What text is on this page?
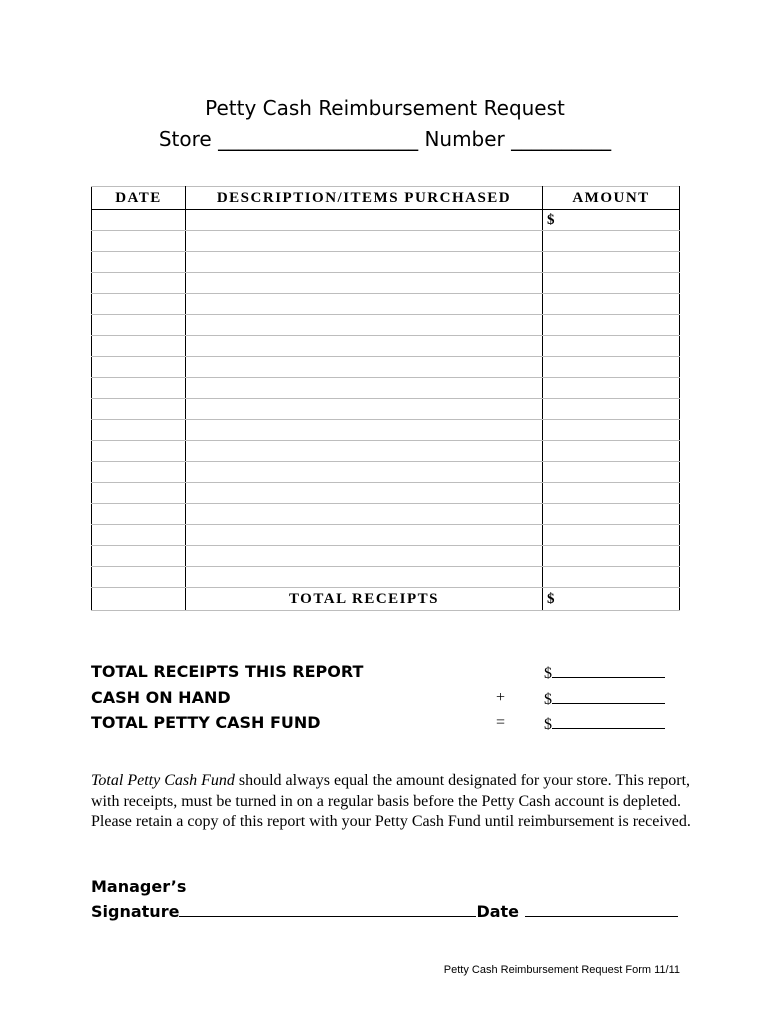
Petty Cash Reimbursement Request
Store ____________________ Number __________
DATE	DESCRIPTION/ITEMS PURCHASED	AMOUNT
		$

	TOTAL RECEIPTS	$
TOTAL RECEIPTS THIS REPORT	$
CASH ON HAND	+ $
TOTAL PETTY CASH FUND	= $
Total Petty Cash Fund should always equal the amount designated for your store. This report, with receipts, must be turned in on a regular basis before the Petty Cash account is depleted. Please retain a copy of this report with your Petty Cash Fund until reimbursement is received.
Manager’s
Signature	Date
Petty Cash Reimbursement Request Form 11/11
